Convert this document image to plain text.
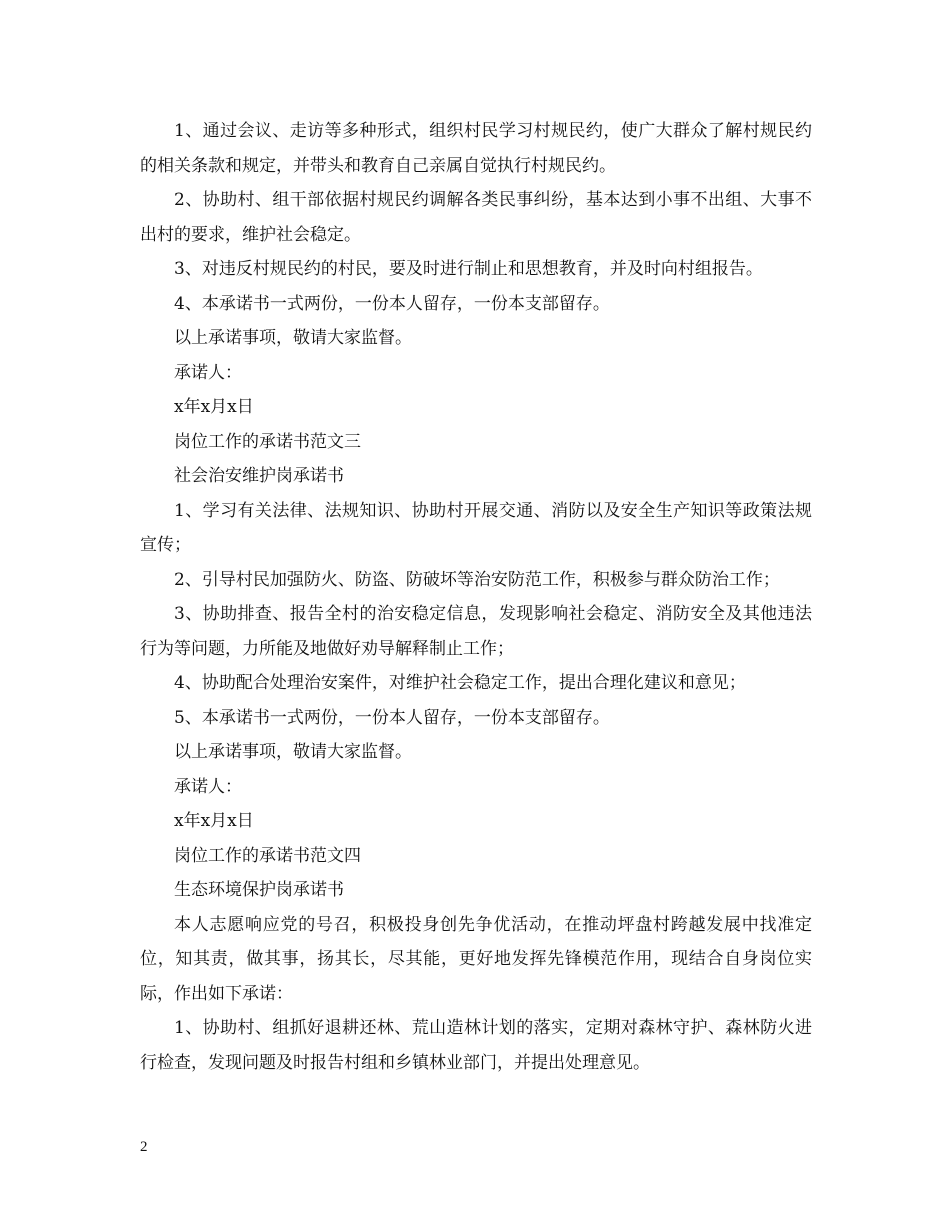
1、通过会议、走访等多种形式，组织村民学习村规民约，使广大群众了解村规民约的相关条款和规定，并带头和教育自己亲属自觉执行村规民约。

2、协助村、组干部依据村规民约调解各类民事纠纷，基本达到小事不出组、大事不出村的要求，维护社会稳定。

3、对违反村规民约的村民，要及时进行制止和思想教育，并及时向村组报告。

4、本承诺书一式两份，一份本人留存，一份本支部留存。

以上承诺事项，敬请大家监督。

承诺人：

x年x月x日

岗位工作的承诺书范文三

社会治安维护岗承诺书

1、学习有关法律、法规知识、协助村开展交通、消防以及安全生产知识等政策法规宣传；

2、引导村民加强防火、防盗、防破坏等治安防范工作，积极参与群众防治工作；

3、协助排查、报告全村的治安稳定信息，发现影响社会稳定、消防安全及其他违法行为等问题，力所能及地做好劝导解释制止工作；

4、协助配合处理治安案件，对维护社会稳定工作，提出合理化建议和意见；

5、本承诺书一式两份，一份本人留存，一份本支部留存。

以上承诺事项，敬请大家监督。

承诺人：

x年x月x日

岗位工作的承诺书范文四

生态环境保护岗承诺书

本人志愿响应党的号召，积极投身创先争优活动，在推动坪盘村跨越发展中找准定位，知其责，做其事，扬其长，尽其能，更好地发挥先锋模范作用，现结合自身岗位实际，作出如下承诺：

1、协助村、组抓好退耕还林、荒山造林计划的落实，定期对森林守护、森林防火进行检查，发现问题及时报告村组和乡镇林业部门，并提出处理意见。

2
